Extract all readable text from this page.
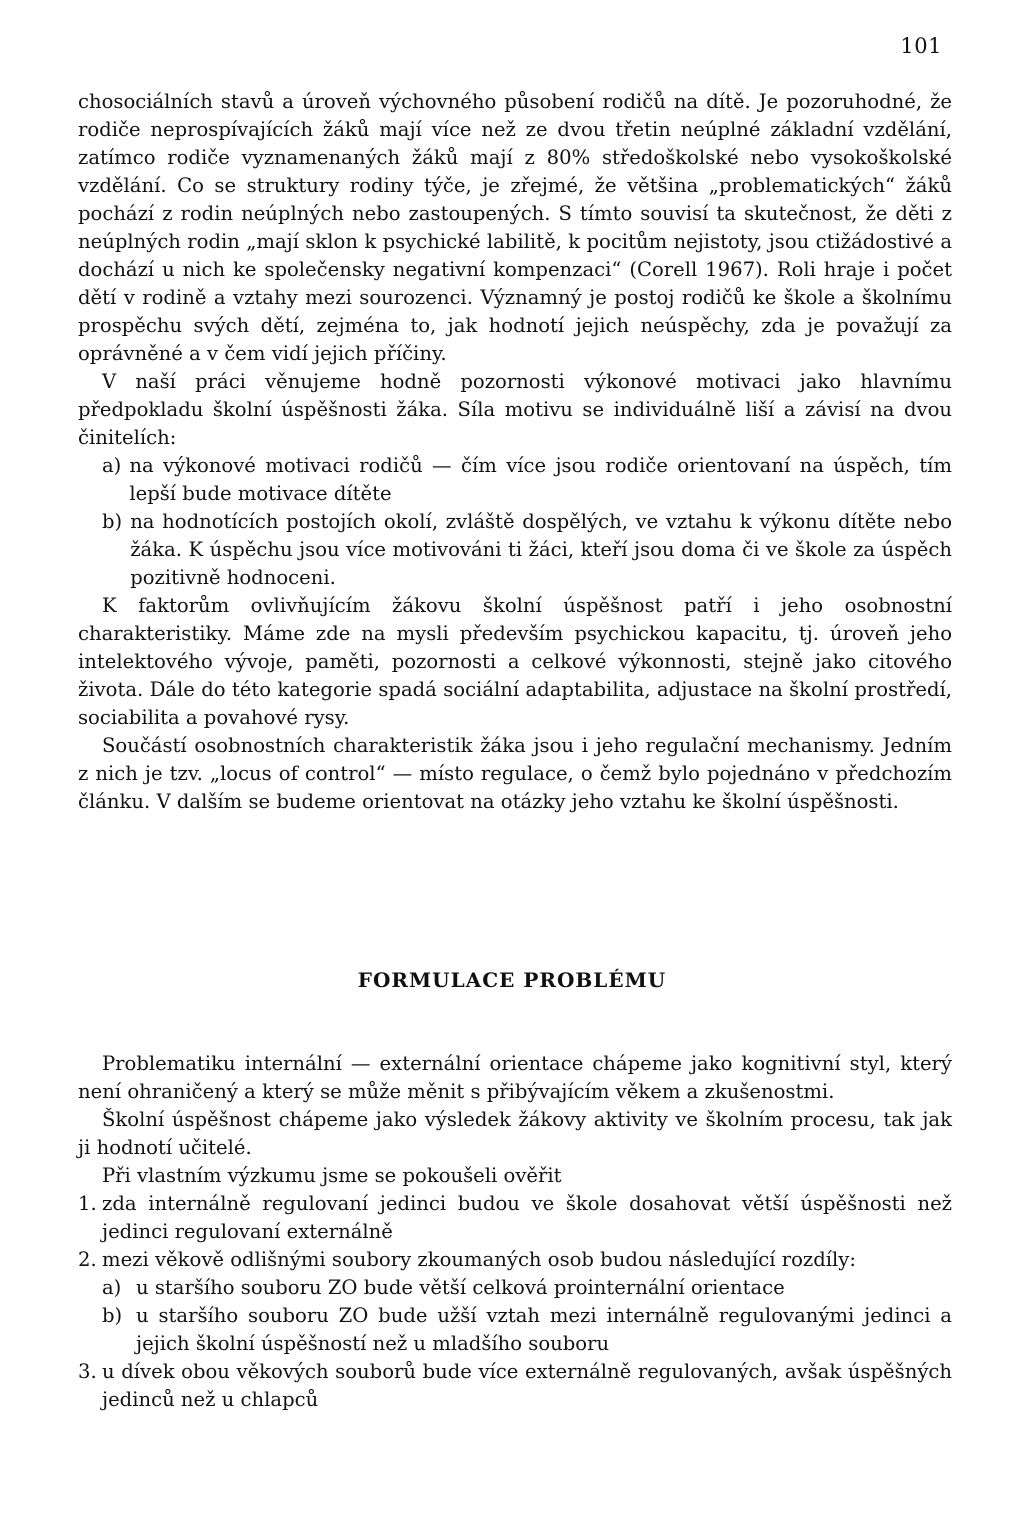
101

chosociálních stavů a úroveň výchovného působení rodičů na dítě. Je pozoruhodné, že rodiče neprospívajících žáků mají více než ze dvou třetin neúplné základní vzdělání, zatímco rodiče vyznamenaných žáků mají z 80% středoškolské nebo vysokoškolské vzdělání. Co se struktury rodiny týče, je zřejmé, že většina „problematických“ žáků pochází z rodin neúplných nebo zastoupených. S tímto souvisí ta skutečnost, že děti z neúplných rodin „mají sklon k psychické labilitě, k pocitům nejistoty, jsou ctižádostivé a dochází u nich ke společensky negativní kompenzaci“ (Corell 1967). Roli hraje i počet dětí v rodině a vztahy mezi sourozenci. Významný je postoj rodičů ke škole a školnímu prospěchu svých dětí, zejména to, jak hodnotí jejich neúspěchy, zda je považují za oprávněné a v čem vidí jejich příčiny.

V naší práci věnujeme hodně pozornosti výkonové motivaci jako hlavnímu předpokladu školní úspěšnosti žáka. Síla motivu se individuálně liší a závisí na dvou činitelích:

a) na výkonové motivaci rodičů — čím více jsou rodiče orientovaní na úspěch, tím lepší bude motivace dítěte
b) na hodnotících postojích okolí, zvláště dospělých, ve vztahu k výkonu dítěte nebo žáka. K úspěchu jsou více motivováni ti žáci, kteří jsou doma či ve škole za úspěch pozitivně hodnoceni.

K faktorům ovlivňujícím žákovu školní úspěšnost patří i jeho osobnostní charakteristiky. Máme zde na mysli především psychickou kapacitu, tj. úroveň jeho intelektového vývoje, paměti, pozornosti a celkové výkonnosti, stejně jako citového života. Dále do této kategorie spadá sociální adaptabilita, adjustace na školní prostředí, sociabilita a povahové rysy.

Součástí osobnostních charakteristik žáka jsou i jeho regulační mechanismy. Jedním z nich je tzv. „locus of control“ — místo regulace, o čemž bylo pojednáno v předchozím článku. V dalším se budeme orientovat na otázky jeho vztahu ke školní úspěšnosti.

FORMULACE PROBLÉMU

Problematiku internální — externální orientace chápeme jako kognitivní styl, který není ohraničený a který se může měnit s přibývajícím věkem a zkušenostmi.

Školní úspěšnost chápeme jako výsledek žákovy aktivity ve školním procesu, tak jak ji hodnotí učitelé.

Při vlastním výzkumu jsme se pokoušeli ověřit

1. zda internálně regulovaní jedinci budou ve škole dosahovat větší úspěšnosti než jedinci regulovaní externálně
2. mezi věkově odlišnými soubory zkoumaných osob budou následující rozdíly:
a) u staršího souboru ZO bude větší celková prointernální orientace
b) u staršího souboru ZO bude užší vztah mezi internálně regulovanými jedinci a jejich školní úspěšností než u mladšího souboru
3. u dívek obou věkových souborů bude více externálně regulovaných, avšak úspěšných jedinců než u chlapců
